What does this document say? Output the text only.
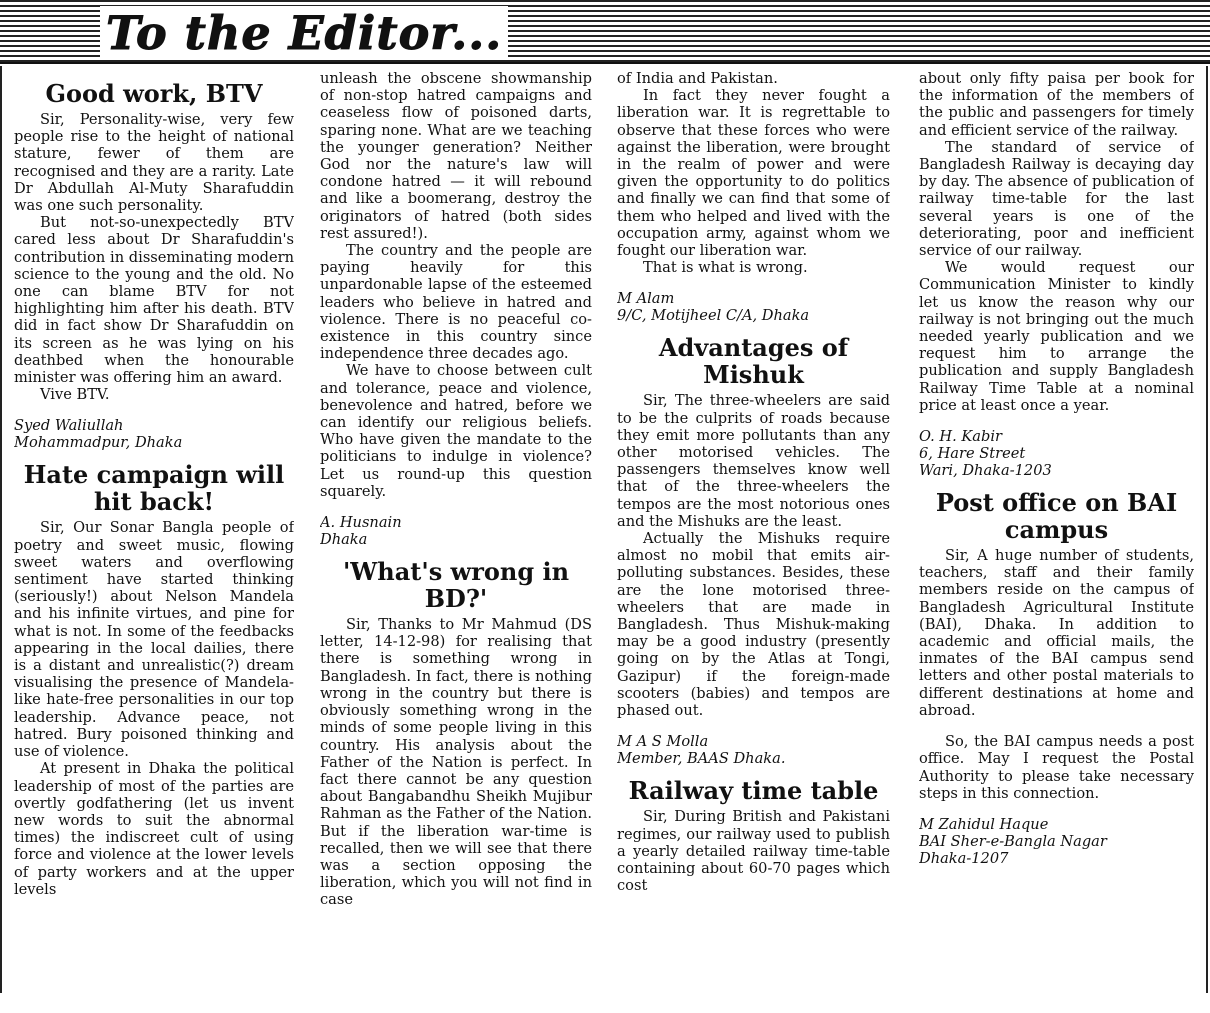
To the Editor...
Good work, BTV

Sir, Personality-wise, very few people rise to the height of national stature, fewer of them are recognised and they are a rarity. Late Dr Abdullah Al-Muty Sharafuddin was one such personality.

But not-so-unexpectedly BTV cared less about Dr Sharafuddin's contribution in disseminating modern science to the young and the old. No one can blame BTV for not highlighting him after his death. BTV did in fact show Dr Sharafuddin on its screen as he was lying on his deathbed when the honourable minister was offering him an award.

Vive BTV.

Syed Waliullah
Mohammadpur, Dhaka
Hate campaign will hit back!

Sir, Our Sonar Bangla people of poetry and sweet music, flowing sweet waters and overflowing sentiment have started thinking (seriously!) about Nelson Mandela and his infinite virtues, and pine for what is not. In some of the feedbacks appearing in the local dailies, there is a distant and unrealistic(?) dream visualising the presence of Mandela-like hate-free personalities in our top leadership. Advance peace, not hatred. Bury poisoned thinking and use of violence.

At present in Dhaka the political leadership of most of the parties are overtly godfathering (let us invent new words to suit the abnormal times) the indiscreet cult of using force and violence at the lower levels of party workers and at the upper levels

unleash the obscene showmanship of non-stop hatred campaigns and ceaseless flow of poisoned darts, sparing none. What are we teaching the younger generation? Neither God nor the nature's law will condone hatred — it will rebound and like a boomerang, destroy the originators of hatred (both sides rest assured!).

The country and the people are paying heavily for this unpardonable lapse of the esteemed leaders who believe in hatred and violence. There is no peaceful co-existence in this country since independence three decades ago.

We have to choose between cult and tolerance, peace and violence, benevolence and hatred, before we can identify our religious beliefs. Who have given the mandate to the politicians to indulge in violence? Let us round-up this question squarely.

A. Husnain
Dhaka
'What's wrong in BD?'

Sir, Thanks to Mr Mahmud (DS letter, 14-12-98) for realising that there is something wrong in Bangladesh. In fact, there is nothing wrong in the country but there is obviously something wrong in the minds of some people living in this country. His analysis about the Father of the Nation is perfect. In fact there cannot be any question about Bangabandhu Sheikh Mujibur Rahman as the Father of the Nation. But if the liberation war-time is recalled, then we will see that there was a section opposing the liberation, which you will not find in case

of India and Pakistan.

In fact they never fought a liberation war. It is regrettable to observe that these forces who were against the liberation, were brought in the realm of power and were given the opportunity to do politics and finally we can find that some of them who helped and lived with the occupation army, against whom we fought our liberation war.

That is what is wrong.

M Alam
9/C, Motijheel C/A, Dhaka
Advantages of Mishuk

Sir, The three-wheelers are said to be the culprits of roads because they emit more pollutants than any other motorised vehicles. The passengers themselves know well that of the three-wheelers the tempos are the most notorious ones and the Mishuks are the least.

Actually the Mishuks require almost no mobil that emits air-polluting substances. Besides, these are the lone motorised three-wheelers that are made in Bangladesh. Thus Mishuk-making may be a good industry (presently going on by the Atlas at Tongi, Gazipur) if the foreign-made scooters (babies) and tempos are phased out.

M A S Molla
Member, BAAS Dhaka.
Railway time table

Sir, During British and Pakistani regimes, our railway used to publish a yearly detailed railway time-table containing about 60-70 pages which cost

about only fifty paisa per book for the information of the members of the public and passengers for timely and efficient service of the railway.

The standard of service of Bangladesh Railway is decaying day by day. The absence of publication of railway time-table for the last several years is one of the deteriorating, poor and inefficient service of our railway.

We would request our Communication Minister to kindly let us know the reason why our railway is not bringing out the much needed yearly publication and we request him to arrange the publication and supply Bangladesh Railway Time Table at a nominal price at least once a year.

O. H. Kabir
6, Hare Street
Wari, Dhaka-1203
Post office on BAI campus

Sir, A huge number of students, teachers, staff and their family members reside on the campus of Bangladesh Agricultural Institute (BAI), Dhaka. In addition to academic and official mails, the inmates of the BAI campus send letters and other postal materials to different destinations at home and abroad.

So, the BAI campus needs a post office. May I request the Postal Authority to please take necessary steps in this connection.

M Zahidul Haque
BAI Sher-e-Bangla Nagar
Dhaka-1207
